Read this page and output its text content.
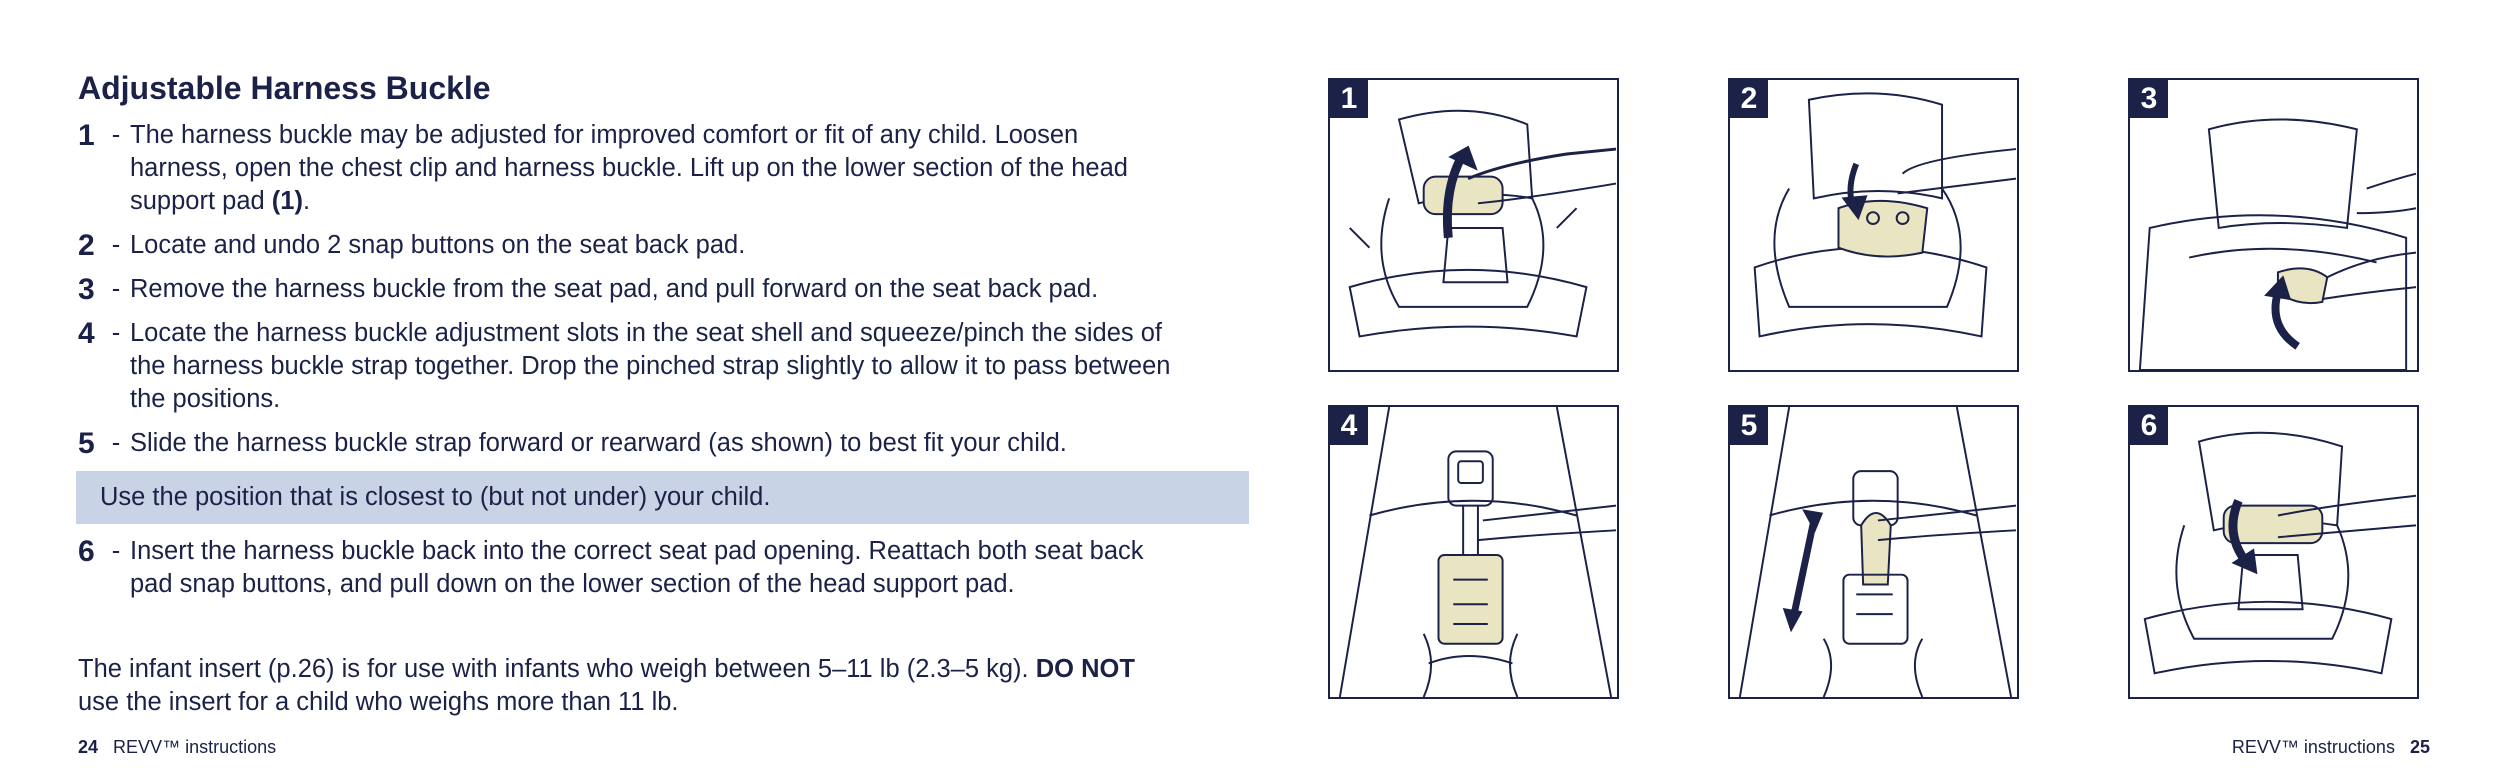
Adjustable Harness Buckle
1 - The harness buckle may be adjusted for improved comfort or fit of any child. Loosen harness, open the chest clip and harness buckle. Lift up on the lower section of the head support pad (1).
2 - Locate and undo 2 snap buttons on the seat back pad.
3 - Remove the harness buckle from the seat pad, and pull forward on the seat back pad.
4 - Locate the harness buckle adjustment slots in the seat shell and squeeze/pinch the sides of the harness buckle strap together. Drop the pinched strap slightly to allow it to pass between the positions.
5 - Slide the harness buckle strap forward or rearward (as shown) to best fit your child.
Use the position that is closest to (but not under) your child.
6 - Insert the harness buckle back into the correct seat pad opening. Reattach both seat back pad snap buttons, and pull down on the lower section of the head support pad.
The infant insert (p.26) is for use with infants who weigh between 5–11 lb (2.3–5 kg). DO NOT use the insert for a child who weighs more than 11 lb.
24 REVV™ instructions	REVV™ instructions 25
1	2	3
4	5	6
